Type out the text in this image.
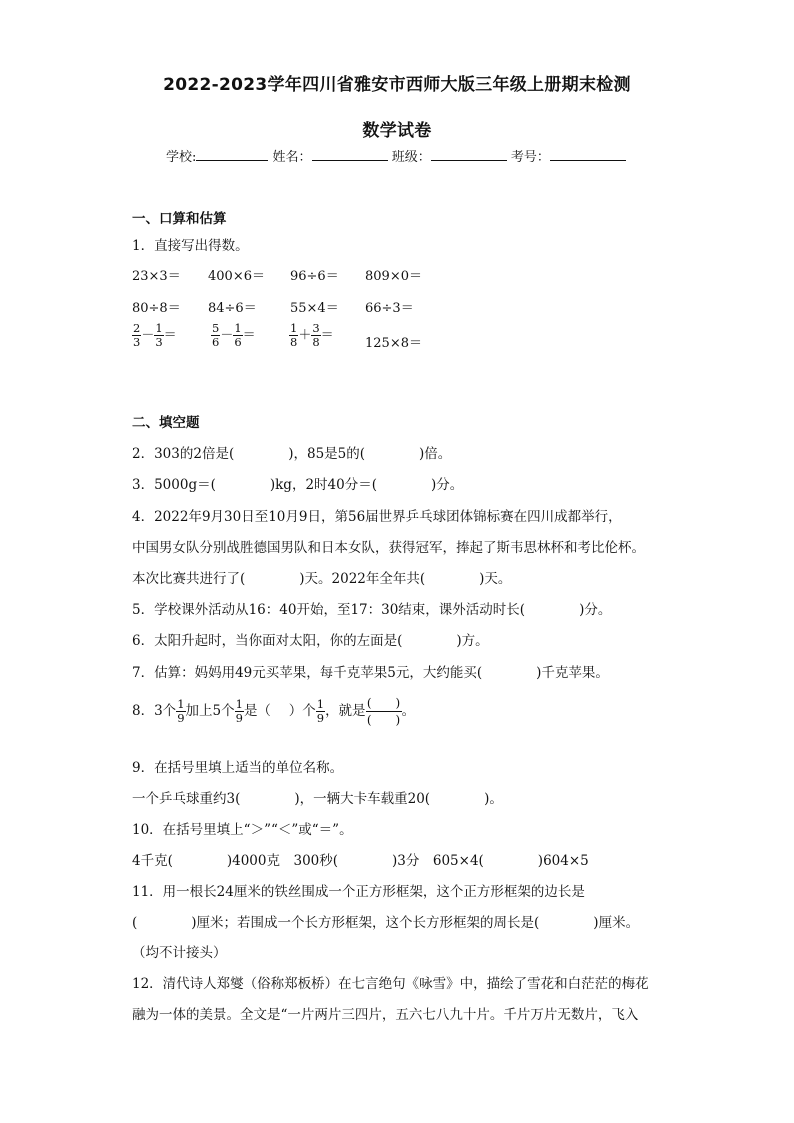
2022-2023学年四川省雅安市西师大版三年级上册期末检测
数学试卷
学校:	姓名：	班级：	考号：
一、口算和估算
1．直接写出得数。
23×3＝ 400×6＝ 96÷6＝ 809×0＝
80÷8＝ 84÷6＝	55×4＝ 66÷3＝
$\frac{2}{3} - \frac{1}{3}$ ＝	$\frac{5}{6} - \frac{1}{6}$ ＝	$\frac{1}{8} + \frac{3}{8}$ ＝
125×8＝
二、填空题
2．303的2倍是(　　　　)，85是5的(　　　　)倍。
3．5000g＝(　　　　)kg，2时40分＝(　　　　)分。
4．2022年9月30日至10月9日，第56届世界乒乓球团体锦标赛在四川成都举行，
中国男女队分别战胜德国男队和日本女队，获得冠军，捧起了斯韦思林杯和考比伦杯。
本次比赛共进行了(　　　　)天。2022年全年共(　　　　)天。
5．学校课外活动从16：40开始，至17：30结束，课外活动时长(　　　　)分。
6．太阳升起时，当你面对太阳，你的左面是(　　　　)方。
7．估算：妈妈用49元买苹果，每千克苹果5元，大约能买(　　　　)千克苹果。
8．3个 $\frac{1}{9}$ 加上5个 $\frac{1}{9}$ 是（　 ）个 $\frac{1}{9}$ ，就是 $\frac{( )}{( )}$ 。
9．在括号里填上适当的单位名称。
一个乒乓球重约3(　　　　)，一辆大卡车载重20(　　　　)。
10．在括号里填上“＞”“＜”或“＝”。
4千克(　　　　)4000克　300秒(　　　　)3分　605×4(　　　　)604×5
11．用一根长24厘米的铁丝围成一个正方形框架，这个正方形框架的边长是
(　　　　)厘米；若围成一个长方形框架，这个长方形框架的周长是(　　　　)厘米。
（均不计接头）
12．清代诗人郑燮（俗称郑板桥）在七言绝句《咏雪》中，描绘了雪花和白茫茫的梅花
融为一体的美景。全文是“一片两片三四片，五六七八九十片。千片万片无数片，飞入
